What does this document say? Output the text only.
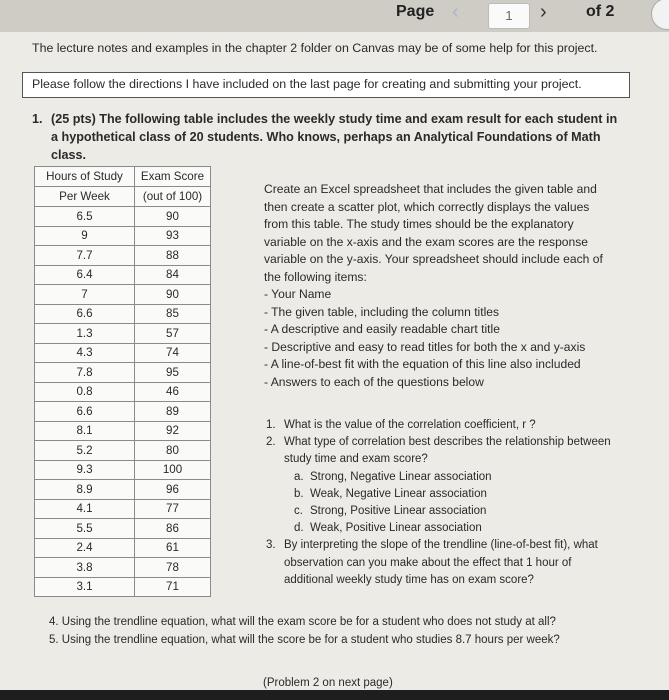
Page ‹	1	› of 2
The lecture notes and examples in the chapter 2 folder on Canvas may be of some help for this project.
Please follow the directions I have included on the last page for creating and submitting your project.
1. (25 pts) The following table includes the weekly study time and exam result for each student in a hypothetical class of 20 students. Who knows, perhaps an Analytical Foundations of Math class.
Hours of Study	Exam Score
Per Week	(out of 100)
6.5	90
9	93
7.7	88
6.4	84
7	90
6.6	85
1.3	57
4.3	74
7.8	95
0.8	46
6.6	89
8.1	92
5.2	80
9.3	100
8.9	96
4.1	77
5.5	86
2.4	61
3.8	78
3.1	71

Create an Excel spreadsheet that includes the given table and then create a scatter plot, which correctly displays the values from this table. The study times should be the explanatory variable on the x-axis and the exam scores are the response variable on the y-axis. Your spreadsheet should include each of the following items:

- Your Name
- The given table, including the column titles
- A descriptive and easily readable chart title
- Descriptive and easy to read titles for both the x and y-axis
- A line-of-best fit with the equation of this line also included
- Answers to each of the questions below
1. What is the value of the correlation coefficient, r ?
2. What type of correlation best describes the relationship between study time and exam score?
a. Strong, Negative Linear association
b. Weak, Negative Linear association
c. Strong, Positive Linear association
d. Weak, Positive Linear association
3. By interpreting the slope of the trendline (line-of-best fit), what observation can you make about the effect that 1 hour of additional weekly study time has on exam score?
4. Using the trendline equation, what will the exam score be for a student who does not study at all?
5. Using the trendline equation, what will the score be for a student who studies 8.7 hours per week?
(Problem 2 on next page)
